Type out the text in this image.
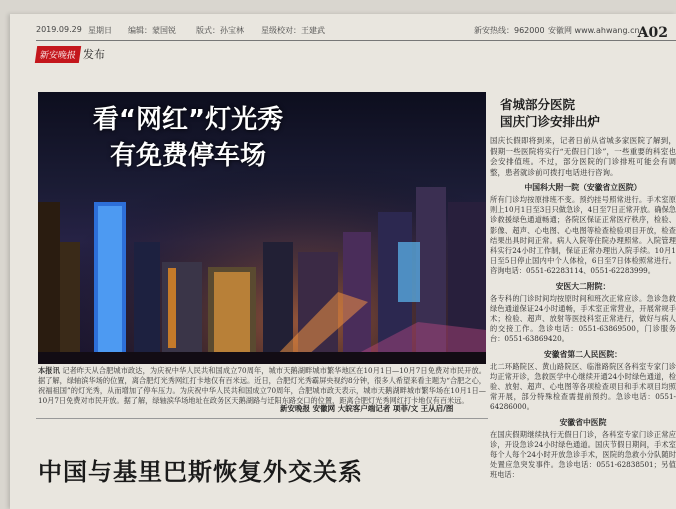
2019.09.29 星期日 编辑：蒙国锐	版式：孙宝林 星级校对：王建武	新安热线：962000 安徽网 www.ahwang.cn
A02
新安晚报 发布
看“网红”灯光秀
有免费停车场
本报讯 记者昨天从合肥城市政达，为庆祝中华人民共和国成立70周年，城市天鹅湖畔城市繁华地区在10月1日—10月7日免费对市民开放。据了解，绿轴滨华场的位置，离合肥灯光秀网红打卡地仅有百米远。近日，合肥灯光秀霸屏央视约8分钟，很多人希望来看主题为“合肥之心，祝福祖国”的灯光秀，从而增加了停车压力。为庆祝中华人民共和国成立70周年，合肥城市政天表示，城市天鹅湖畔城市繁华场在10月1日—10月7日免费对市民开放。据了解，绿轴滨华场地址在政务区天鹅湖路与迁阳东路交口的位置，距离合肥灯光秀网红打卡地仅有百米远。
新安晚报 安徽网 大皖客户端记者 项菲/文 王从启/图
中国与基里巴斯恢复外交关系
省城部分医院
国庆门诊安排出炉

国庆长假即将到来，记者日前从省城多家医院了解到，假期一些医院将实行“无假日门诊”，一些重要的科室也会安排值班。不过，部分医院的门诊排班可能会有调整，患者就诊前可拨打电话进行咨询。

中国科大附一院（安徽省立医院）

所有门诊均按原排班不变。预约挂号照常进行。手术室原则上10月1日至3日只做急诊，4日至7日正常开放。确保急诊救援绿色通道畅通；各院区保证正常医疗秩序，检验、影像、超声、心电图、心电图等检查检验项目开放，检查结果出具时间正常。病人入院等住院办理照常。入院管理科实行24小时工作制，保证正常办理出入院手续。10月1日至5日停止国内中个人体检，6日至7日体检照常进行。咨询电话：0551-62283114、0551-62283999。

安医大二附院：

各专科的门诊时间均按原时间和班次正常应诊。急诊急救绿色通道保证24小时通畅，手术室正常营业，开展常规手术；检验、超声、放射等医技科室正常进行，做好与病人的交接工作。急诊电话：0551-63869500，门诊服务台：0551-63869420。

安徽省第二人民医院：

北二环路院区、黄山路院区、临淮路院区各科室专家门诊均正常开诊，急救医学中心继续开通24小时绿色通道，检验、放射、超声、心电图等各项检查项目和手术项目均照常开展，部分特殊检查需提前预约。急诊电话：0551-64286000。

安徽省中医院

在国庆假期继续执行无假日门诊，各科室专家门诊正常应诊，开设急诊24小时绿色通道。国庆节假日期间，手术室每个人每个24小时开放急诊手术，医院的急救小分队随时处置应急突发事件。急诊电话：0551-62838501；另值班电话：
